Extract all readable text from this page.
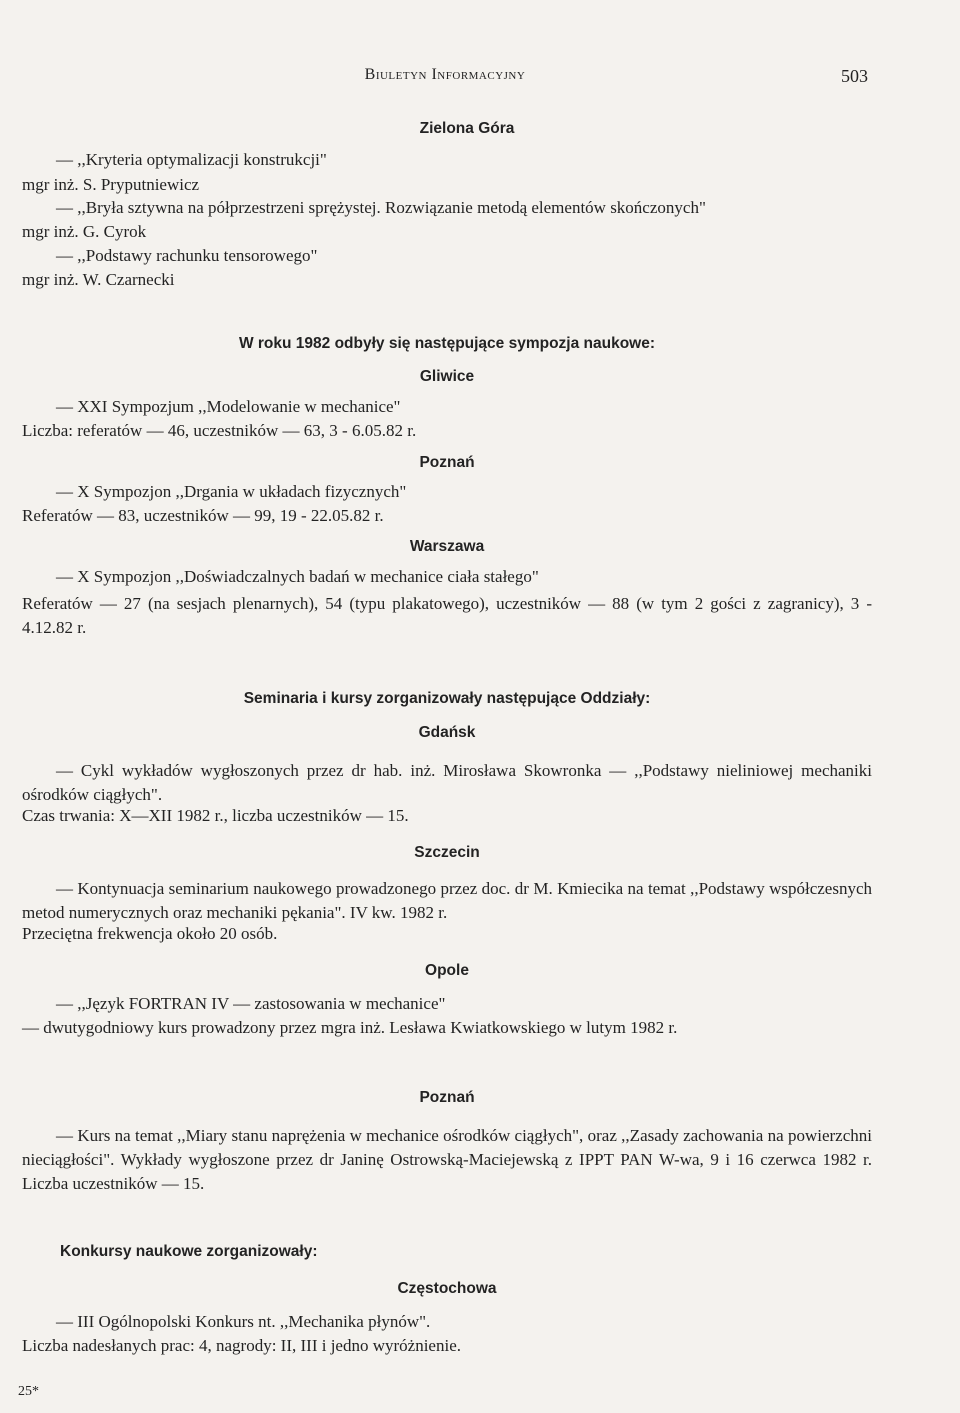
Biuletyn Informacyjny	503
Zielona Góra
— ,,Kryteria optymalizacji konstrukcji"
mgr inż. S. Pryputniewicz
— ,,Bryła sztywna na półprzestrzeni sprężystej. Rozwiązanie metodą elementów skończonych"
mgr inż. G. Cyrok
— ,,Podstawy rachunku tensorowego"
mgr inż. W. Czarnecki
W roku 1982 odbyły się następujące sympozja naukowe:
Gliwice
— XXI Sympozjum ,,Modelowanie w mechanice"
Liczba: referatów — 46, uczestników — 63, 3 - 6.05.82 r.
Poznań
— X Sympozjon ,,Drgania w układach fizycznych"
Referatów — 83, uczestników — 99, 19 - 22.05.82 r.
Warszawa
— X Sympozjon ,,Doświadczalnych badań w mechanice ciała stałego"
Referatów — 27 (na sesjach plenarnych), 54 (typu plakatowego), uczestników — 88 (w tym 2 gości z zagranicy), 3 - 4.12.82 r.
Seminaria i kursy zorganizowały następujące Oddziały:
Gdańsk
— Cykl wykładów wygłoszonych przez dr hab. inż. Mirosława Skowronka — ,,Podstawy nieliniowej mechaniki ośrodków ciągłych".
Czas trwania: X—XII 1982 r., liczba uczestników — 15.
Szczecin
— Kontynuacja seminarium naukowego prowadzonego przez doc. dr M. Kmiecika na temat ,,Podstawy współczesnych metod numerycznych oraz mechaniki pękania". IV kw. 1982 r.
Przeciętna frekwencja około 20 osób.
Opole
— ,,Język FORTRAN IV — zastosowania w mechanice"
— dwutygodniowy kurs prowadzony przez mgra inż. Lesława Kwiatkowskiego w lutym 1982 r.
Poznań
— Kurs na temat ,,Miary stanu naprężenia w mechanice ośrodków ciągłych", oraz ,,Zasady zachowania na powierzchni nieciągłości". Wykłady wygłoszone przez dr Janinę Ostrowską-Maciejewską z IPPT PAN W-wa, 9 i 16 czerwca 1982 r. Liczba uczestników — 15.
Konkursy naukowe zorganizowały:
Częstochowa
— III Ogólnopolski Konkurs nt. ,,Mechanika płynów".
Liczba nadesłanych prac: 4, nagrody: II, III i jedno wyróżnienie.
25*
